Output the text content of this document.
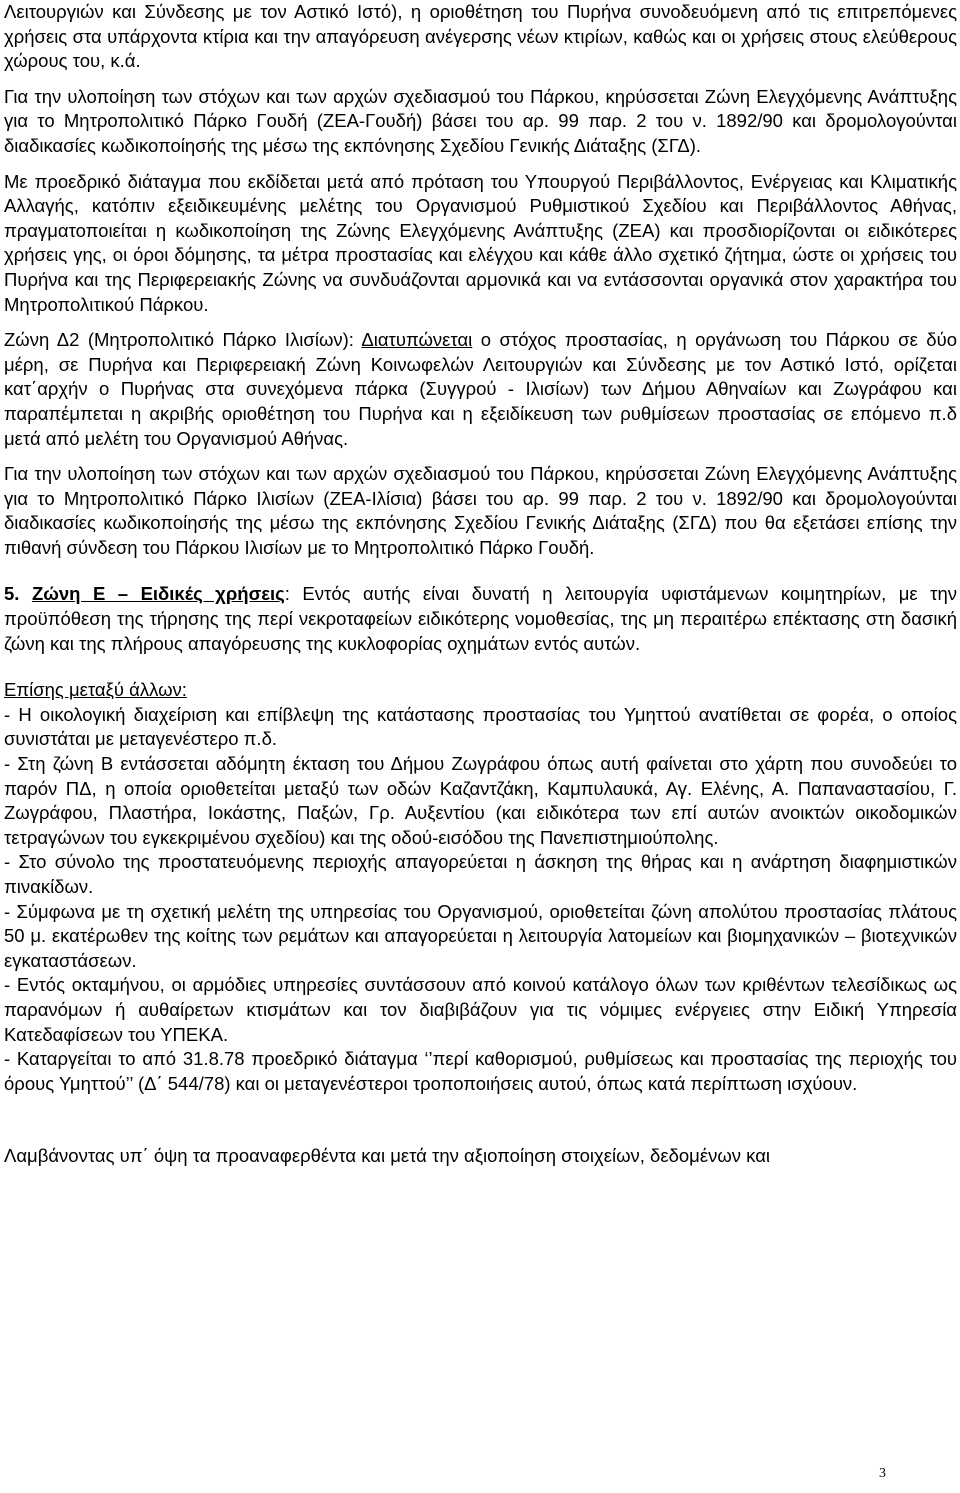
Λειτουργιών και Σύνδεσης με τον Αστικό Ιστό), η οριοθέτηση του Πυρήνα συνοδευόμενη από τις επιτρεπόμενες χρήσεις στα υπάρχοντα κτίρια και την απαγόρευση ανέγερσης νέων κτιρίων, καθώς και οι χρήσεις στους ελεύθερους χώρους του, κ.ά.

Για την υλοποίηση των στόχων και των αρχών σχεδιασμού του Πάρκου, κηρύσσεται Ζώνη Ελεγχόμενης Ανάπτυξης για το Μητροπολιτικό Πάρκο Γουδή (ΖΕΑ-Γουδή) βάσει του αρ. 99 παρ. 2 του ν. 1892/90 και δρομολογούνται διαδικασίες κωδικοποίησής της μέσω της εκπόνησης Σχεδίου Γενικής Διάταξης (ΣΓΔ).

Με προεδρικό διάταγμα που εκδίδεται μετά από πρόταση του Υπουργού Περιβάλλοντος, Ενέργειας και Κλιματικής Αλλαγής, κατόπιν εξειδικευμένης μελέτης του Οργανισμού Ρυθμιστικού Σχεδίου και Περιβάλλοντος Αθήνας, πραγματοποιείται η κωδικοποίηση της Ζώνης Ελεγχόμενης Ανάπτυξης (ΖΕΑ) και προσδιορίζονται οι ειδικότερες χρήσεις γης, οι όροι δόμησης, τα μέτρα προστασίας και ελέγχου και κάθε άλλο σχετικό ζήτημα, ώστε οι χρήσεις του Πυρήνα και της Περιφερειακής Ζώνης να συνδυάζονται αρμονικά και να εντάσσονται οργανικά στον χαρακτήρα του Μητροπολιτικού Πάρκου.

Ζώνη Δ2 (Μητροπολιτικό Πάρκο Ιλισίων): Διατυπώνεται ο στόχος προστασίας, η οργάνωση του Πάρκου σε δύο μέρη, σε Πυρήνα και Περιφερειακή Ζώνη Κοινωφελών Λειτουργιών και Σύνδεσης με τον Αστικό Ιστό, ορίζεται κατ΄αρχήν ο Πυρήνας στα συνεχόμενα πάρκα (Συγγρού - Ιλισίων) των Δήμου Αθηναίων και Ζωγράφου και παραπέμπεται η ακριβής οριοθέτηση του Πυρήνα και η εξειδίκευση των ρυθμίσεων προστασίας σε επόμενο π.δ μετά από μελέτη του Οργανισμού Αθήνας.

Για την υλοποίηση των στόχων και των αρχών σχεδιασμού του Πάρκου, κηρύσσεται Ζώνη Ελεγχόμενης Ανάπτυξης για το Μητροπολιτικό Πάρκο Ιλισίων (ΖΕΑ-Ιλίσια) βάσει του αρ. 99 παρ. 2 του ν. 1892/90 και δρομολογούνται διαδικασίες κωδικοποίησής της μέσω της εκπόνησης Σχεδίου Γενικής Διάταξης (ΣΓΔ) που θα εξετάσει επίσης την πιθανή σύνδεση του Πάρκου Ιλισίων με το Μητροπολιτικό Πάρκο Γουδή.

5. Ζώνη Ε – Ειδικές χρήσεις: Εντός αυτής είναι δυνατή η λειτουργία υφιστάμενων κοιμητηρίων, με την προϋπόθεση της τήρησης της περί νεκροταφείων ειδικότερης νομοθεσίας, της μη περαιτέρω επέκτασης στη δασική ζώνη και της πλήρους απαγόρευσης της κυκλοφορίας οχημάτων εντός αυτών.

Επίσης μεταξύ άλλων:

- Η οικολογική διαχείριση και επίβλεψη της κατάστασης προστασίας του Υμηττού ανατίθεται σε φορέα, ο οποίος συνιστάται με μεταγενέστερο π.δ.

- Στη ζώνη Β εντάσσεται αδόμητη έκταση του Δήμου Ζωγράφου όπως αυτή φαίνεται στο χάρτη που συνοδεύει το παρόν ΠΔ, η οποία οριοθετείται μεταξύ των οδών Καζαντζάκη, Καμπυλαυκά, Αγ. Ελένης, Α. Παπαναστασίου, Γ. Ζωγράφου, Πλαστήρα, Ιοκάστης, Παξών, Γρ. Αυξεντίου (και ειδικότερα των επί αυτών ανοικτών οικοδομικών τετραγώνων του εγκεκριμένου σχεδίου) και της οδού-εισόδου της Πανεπιστημιούπολης.

- Στο σύνολο της προστατευόμενης περιοχής απαγορεύεται η άσκηση της θήρας και η ανάρτηση διαφημιστικών πινακίδων.

- Σύμφωνα με τη σχετική μελέτη της υπηρεσίας του Οργανισμού, οριοθετείται ζώνη απολύτου προστασίας πλάτους 50 μ. εκατέρωθεν της κοίτης των ρεμάτων και απαγορεύεται η λειτουργία λατομείων και βιομηχανικών – βιοτεχνικών εγκαταστάσεων.

- Εντός οκταμήνου, οι αρμόδιες υπηρεσίες συντάσσουν από κοινού κατάλογο όλων των κριθέντων τελεσίδικως ως παρανόμων ή αυθαίρετων κτισμάτων και τον διαβιβάζουν για τις νόμιμες ενέργειες στην Ειδική Υπηρεσία Κατεδαφίσεων του ΥΠΕΚΑ.

- Καταργείται το από 31.8.78 προεδρικό διάταγμα ‘’περί καθορισμού, ρυθμίσεως και προστασίας της περιοχής του όρους Υμηττού’’ (Δ΄ 544/78) και οι μεταγενέστεροι τροποποιήσεις αυτού, όπως κατά περίπτωση ισχύουν.

Λαμβάνοντας υπ΄ όψη τα προαναφερθέντα και μετά την αξιοποίηση στοιχείων, δεδομένων και

3
